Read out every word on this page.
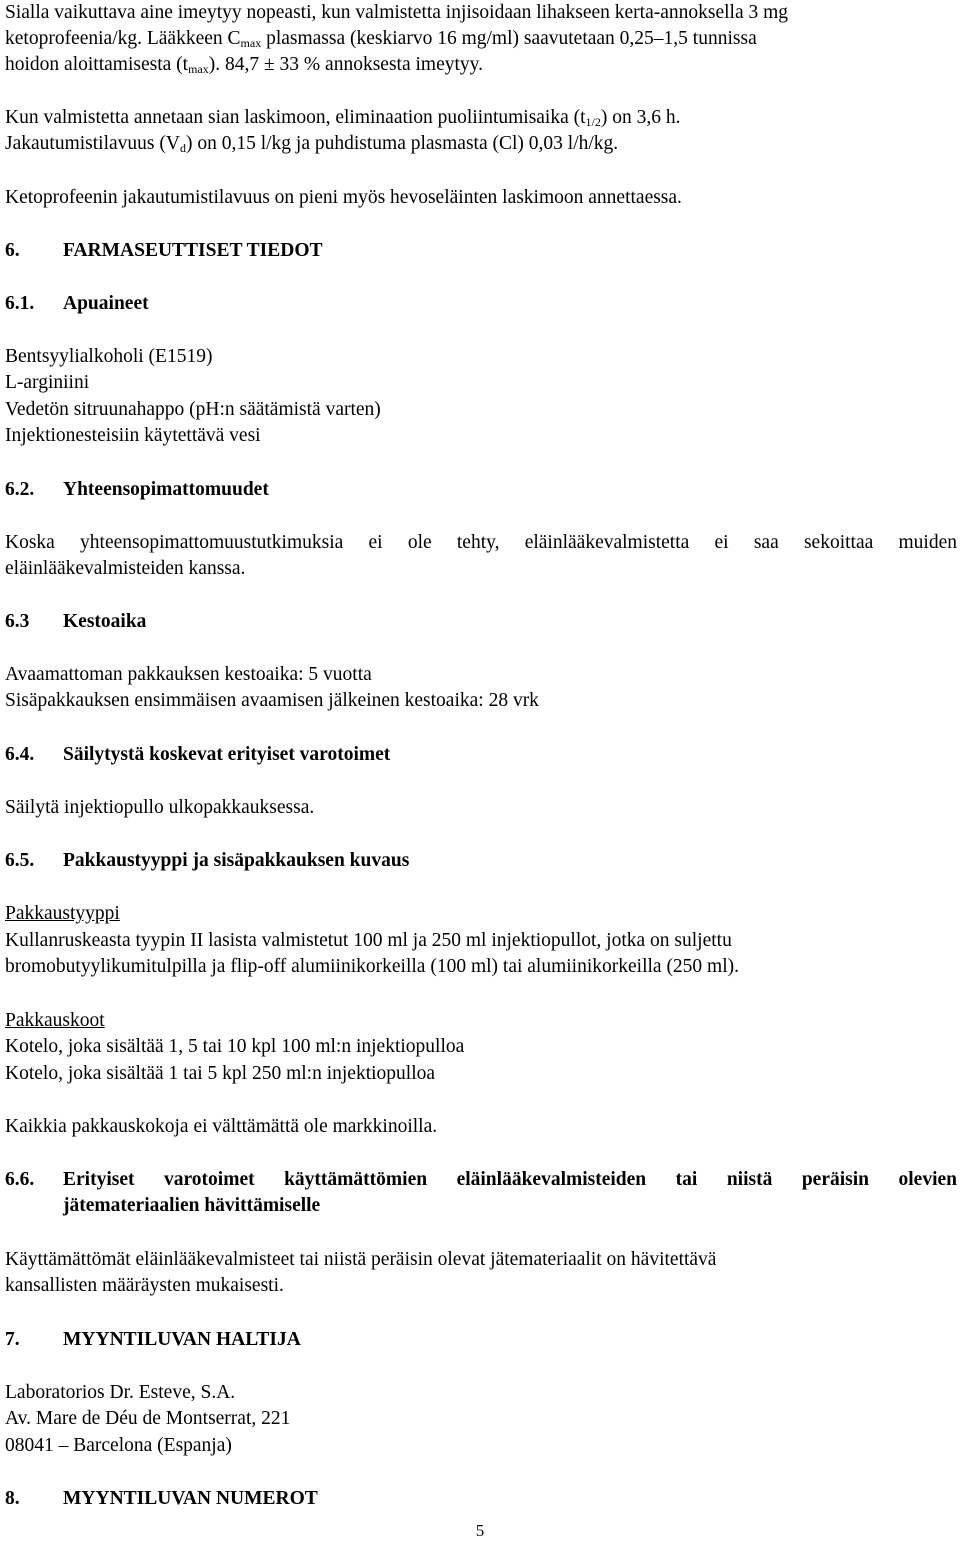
Sialla vaikuttava aine imeytyy nopeasti, kun valmistetta injisoidaan lihakseen kerta-annoksella 3 mg
ketoprofeenia/kg. Lääkkeen $C_{max}$ plasmassa (keskiarvo 16 mg/ml) saavutetaan 0,25–1,5 tunnissa
hoidon aloittamisesta $(t_{max})$. 84,7 ± 33 % annoksesta imeytyy.
Kun valmistetta annetaan sian laskimoon, eliminaation puoliintumisaika $(t_{1/2})$ on 3,6 h.
Jakautumistilavuus $(V_d)$ on 0,15 l/kg ja puhdistuma plasmasta (Cl) 0,03 l/h/kg.
Ketoprofeenin jakautumistilavuus on pieni myös hevoseläinten laskimoon annettaessa.
6. FARMASEUTTISET TIEDOT
6.1. Apuaineet
Bentsyylialkoholi (E1519)
L-arginiini
Vedetön sitruunahappo (pH:n säätämistä varten)
Injektionesteisiin käytettävä vesi
6.2. Yhteensopimattomuudet
Koska yhteensopimattomuustutkimuksia ei ole tehty, eläinlääkevalmistetta ei saa sekoittaa muiden
eläinlääkevalmisteiden kanssa.
6.3 Kestoaika
Avaamattoman pakkauksen kestoaika: 5 vuotta
Sisäpakkauksen ensimmäisen avaamisen jälkeinen kestoaika: 28 vrk
6.4. Säilytystä koskevat erityiset varotoimet
Säilytä injektiopullo ulkopakkauksessa.
6.5. Pakkaustyyppi ja sisäpakkauksen kuvaus
Pakkaustyyppi
Kullanruskeasta tyypin II lasista valmistetut 100 ml ja 250 ml injektiopullot, jotka on suljettu
bromobutyylikumitulpilla ja flip-off alumiinikorkeilla (100 ml) tai alumiinikorkeilla (250 ml).
Pakkauskoot
Kotelo, joka sisältää 1, 5 tai 10 kpl 100 ml:n injektiopulloa
Kotelo, joka sisältää 1 tai 5 kpl 250 ml:n injektiopulloa
Kaikkia pakkauskokoja ei välttämättä ole markkinoilla.
6.6.	Erityiset varotoimet käyttämättömien eläinlääkevalmisteiden tai niistä peräisin olevien
jätemateriaalien hävittämiselle
Käyttämättömät eläinlääkevalmisteet tai niistä peräisin olevat jätemateriaalit on hävitettävä
kansallisten määräysten mukaisesti.
7. MYYNTILUVAN HALTIJA
Laboratorios Dr. Esteve, S.A.
Av. Mare de Déu de Montserrat, 221
08041 – Barcelona (Espanja)
8. MYYNTILUVAN NUMEROT
5
